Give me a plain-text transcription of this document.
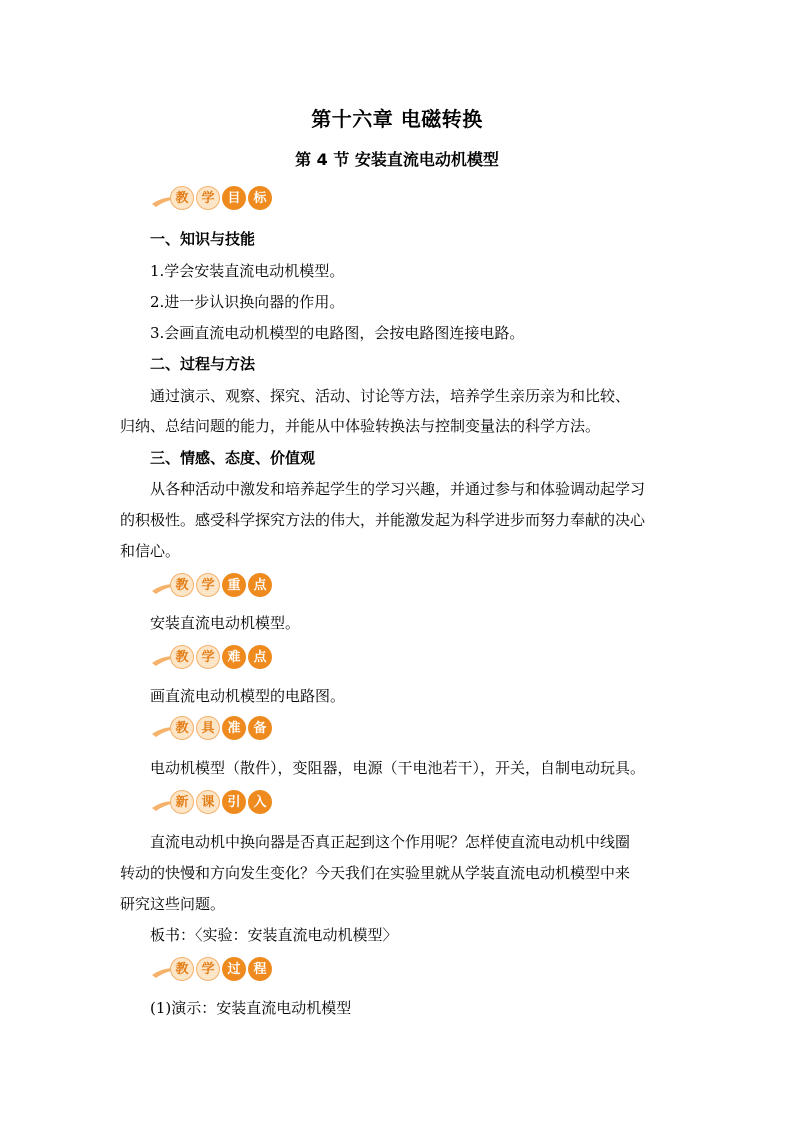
第十六章 电磁转换
第 4 节 安装直流电动机模型
教 学 目 标
一、知识与技能
1.学会安装直流电动机模型。
2.进一步认识换向器的作用。
3.会画直流电动机模型的电路图，会按电路图连接电路。
二、过程与方法
通过演示、观察、探究、活动、讨论等方法，培养学生亲历亲为和比较、
归纳、总结问题的能力，并能从中体验转换法与控制变量法的科学方法。
三、情感、态度、价值观
从各种活动中激发和培养起学生的学习兴趣，并通过参与和体验调动起学习
的积极性。感受科学探究方法的伟大，并能激发起为科学进步而努力奉献的决心
和信心。
教 学 重 点
安装直流电动机模型。
教 学 难 点
画直流电动机模型的电路图。
教 具 准 备
电动机模型（散件），变阻器，电源（干电池若干），开关，自制电动玩具。
新 课 引 入
直流电动机中换向器是否真正起到这个作用呢？怎样使直流电动机中线圈
转动的快慢和方向发生变化？今天我们在实验里就从学装直流电动机模型中来
研究这些问题。
板书：〈实验：安装直流电动机模型〉
教 学 过 程
(1)演示：安装直流电动机模型
